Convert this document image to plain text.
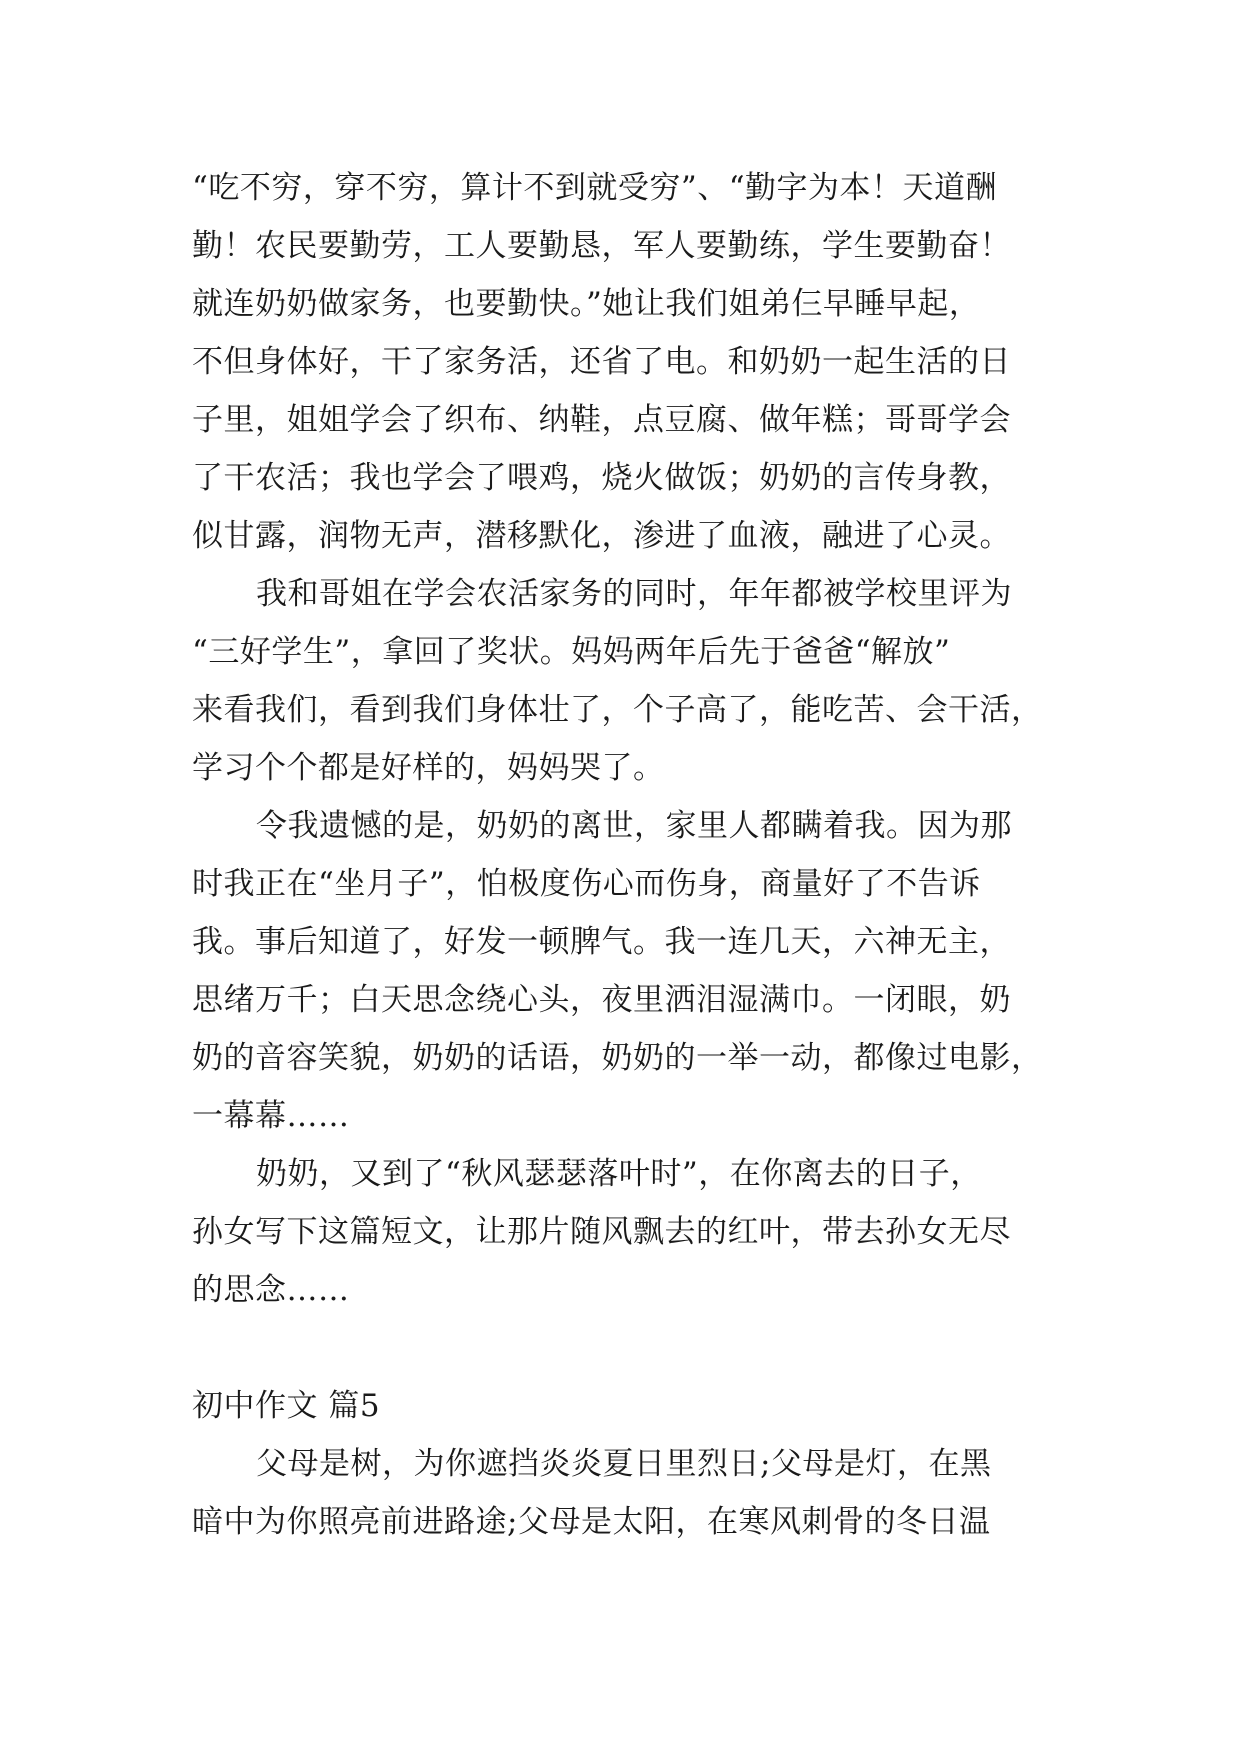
“吃不穷，穿不穷，算计不到就受穷”、“勤字为本！天道酬
勤！农民要勤劳，工人要勤恳，军人要勤练，学生要勤奋！
就连奶奶做家务，也要勤快。”她让我们姐弟仨早睡早起，
不但身体好，干了家务活，还省了电。和奶奶一起生活的日
子里，姐姐学会了织布、纳鞋，点豆腐、做年糕；哥哥学会
了干农活；我也学会了喂鸡，烧火做饭；奶奶的言传身教，
似甘露，润物无声，潜移默化，渗进了血液，融进了心灵。
我和哥姐在学会农活家务的同时，年年都被学校里评为
“三好学生”，拿回了奖状。妈妈两年后先于爸爸“解放”
来看我们，看到我们身体壮了，个子高了，能吃苦、会干活，
学习个个都是好样的，妈妈哭了。
令我遗憾的是，奶奶的离世，家里人都瞒着我。因为那
时我正在“坐月子”，怕极度伤心而伤身，商量好了不告诉
我。事后知道了，好发一顿脾气。我一连几天，六神无主，
思绪万千；白天思念绕心头，夜里洒泪湿满巾。一闭眼，奶
奶的音容笑貌，奶奶的话语，奶奶的一举一动，都像过电影，
一幕幕……
奶奶，又到了“秋风瑟瑟落叶时”，在你离去的日子，
孙女写下这篇短文，让那片随风飘去的红叶，带去孙女无尽
的思念……
初中作文 篇5
父母是树，为你遮挡炎炎夏日里烈日;父母是灯，在黑
暗中为你照亮前进路途;父母是太阳，在寒风刺骨的冬日温
